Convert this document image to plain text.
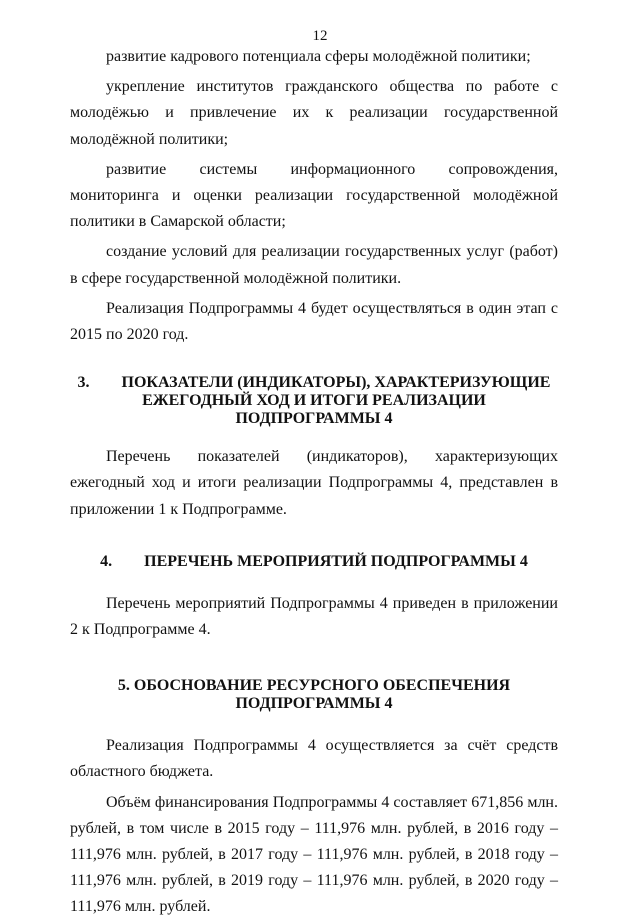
12

развитие кадрового потенциала сферы молодёжной политики;

укрепление институтов гражданского общества по работе с молодёжью и привлечение их к реализации государственной молодёжной политики;

развитие системы информационного сопровождения, мониторинга и оценки реализации государственной молодёжной политики в Самарской области;

создание условий для реализации государственных услуг (работ) в сфере государственной молодёжной политики.

Реализация Подпрограммы 4 будет осуществляться в один этап с 2015 по 2020 год.

3. ПОКАЗАТЕЛИ (ИНДИКАТОРЫ), ХАРАКТЕРИЗУЮЩИЕ
ЕЖЕГОДНЫЙ ХОД И ИТОГИ РЕАЛИЗАЦИИ ПОДПРОГРАММЫ 4

Перечень показателей (индикаторов), характеризующих ежегодный ход и итоги реализации Подпрограммы 4, представлен в приложении 1 к Подпрограмме.

4. ПЕРЕЧЕНЬ МЕРОПРИЯТИЙ ПОДПРОГРАММЫ 4

Перечень мероприятий Подпрограммы 4 приведен в приложении 2 к Подпрограмме 4.

5. ОБОСНОВАНИЕ РЕСУРСНОГО ОБЕСПЕЧЕНИЯ
ПОДПРОГРАММЫ 4

Реализация Подпрограммы 4 осуществляется за счёт средств областного бюджета.

Объём финансирования Подпрограммы 4 составляет 671,856 млн. рублей, в том числе в 2015 году – 111,976 млн. рублей, в 2016 году – 111,976 млн. рублей, в 2017 году – 111,976 млн. рублей, в 2018 году – 111,976 млн. рублей, в 2019 году – 111,976 млн. рублей, в 2020 году – 111,976 млн. рублей.
